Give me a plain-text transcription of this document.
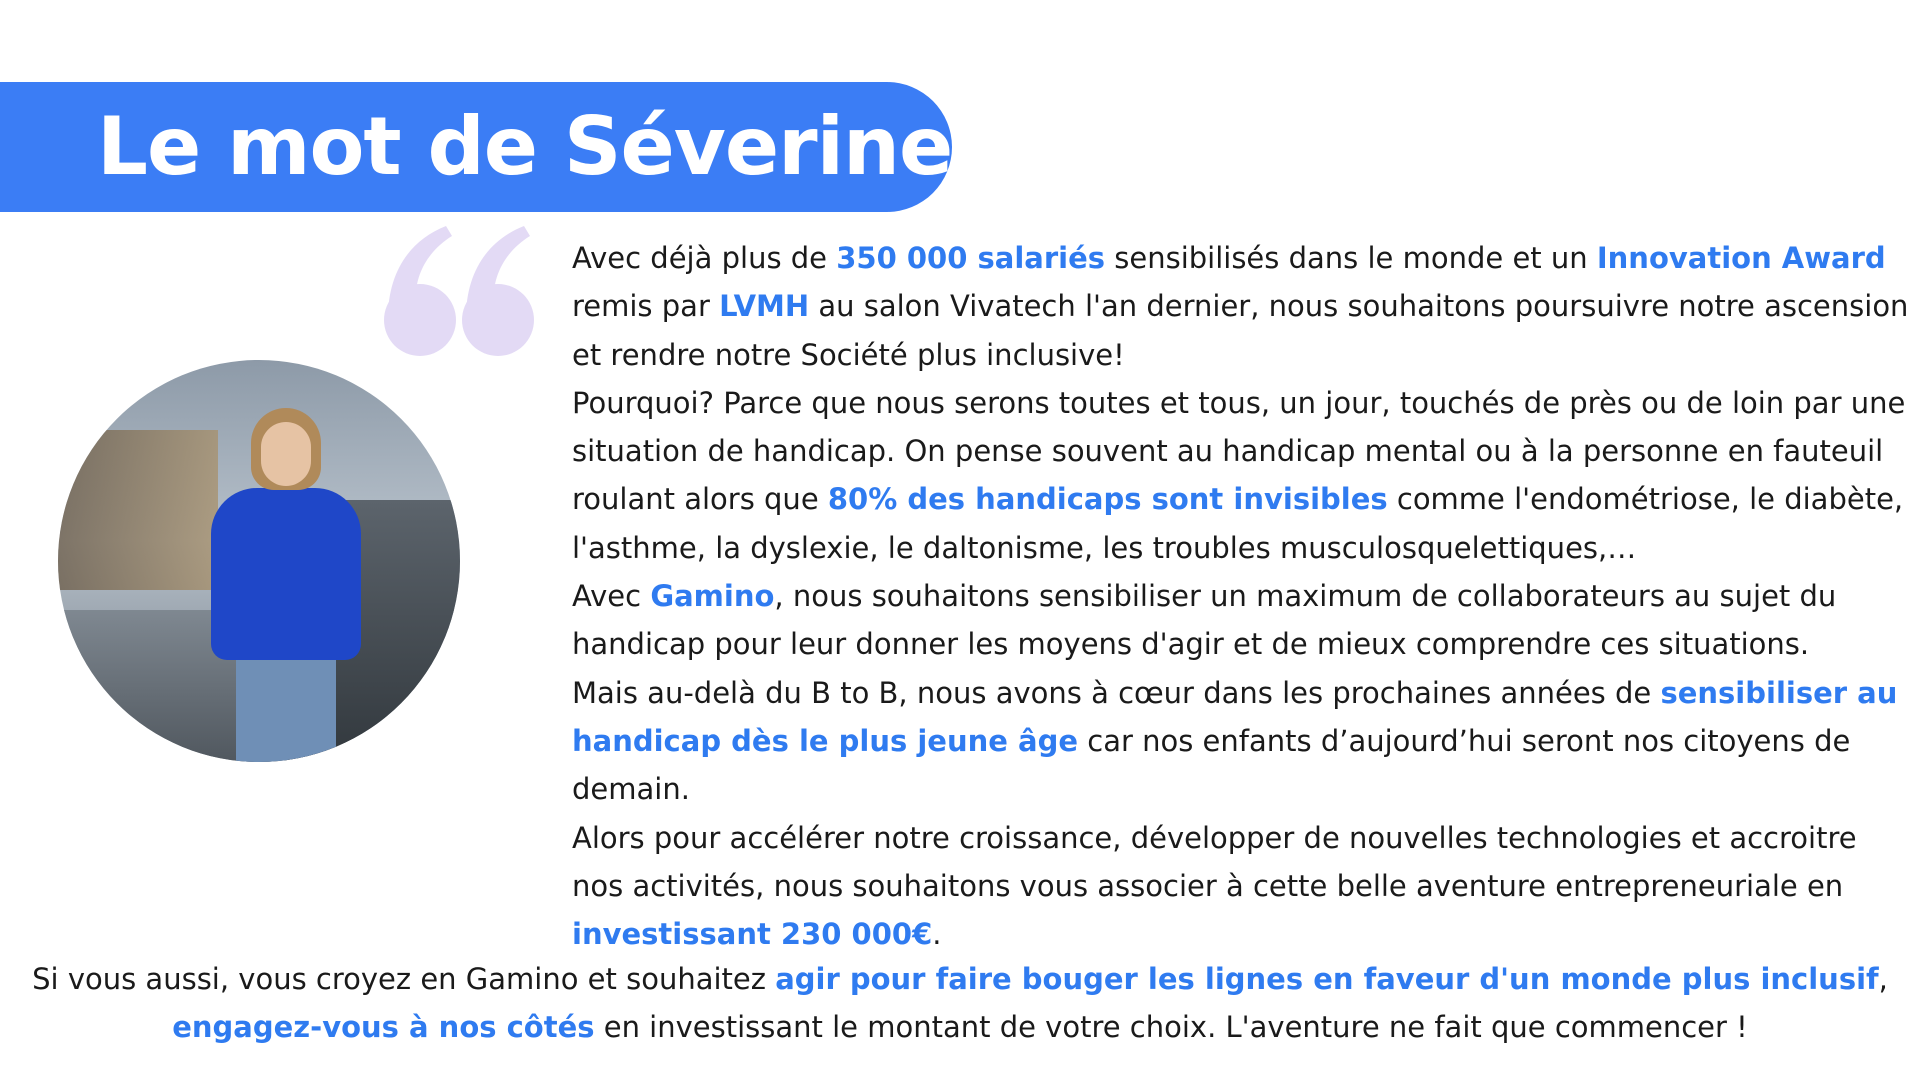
Le mot de Séverine

Avec déjà plus de 350 000 salariés sensibilisés dans le monde et un Innovation Award remis par LVMH au salon Vivatech l'an dernier, nous souhaitons poursuivre notre ascension et rendre notre Société plus inclusive!

Pourquoi? Parce que nous serons toutes et tous, un jour, touchés de près ou de loin par une situation de handicap. On pense souvent au handicap mental ou à la personne en fauteuil roulant alors que 80% des handicaps sont invisibles comme l'endométriose, le diabète, l'asthme, la dyslexie, le daltonisme, les troubles musculosquelettiques,…

Avec Gamino, nous souhaitons sensibiliser un maximum de collaborateurs au sujet du handicap pour leur donner les moyens d'agir et de mieux comprendre ces situations.

Mais au-delà du B to B, nous avons à cœur dans les prochaines années de sensibiliser au handicap dès le plus jeune âge car nos enfants d’aujourd’hui seront nos citoyens de demain.

Alors pour accélérer notre croissance, développer de nouvelles technologies et accroitre nos activités, nous souhaitons vous associer à cette belle aventure entrepreneuriale en investissant 230 000€.

Si vous aussi, vous croyez en Gamino et souhaitez agir pour faire bouger les lignes en faveur d'un monde plus inclusif,

engagez-vous à nos côtés en investissant le montant de votre choix. L'aventure ne fait que commencer !
